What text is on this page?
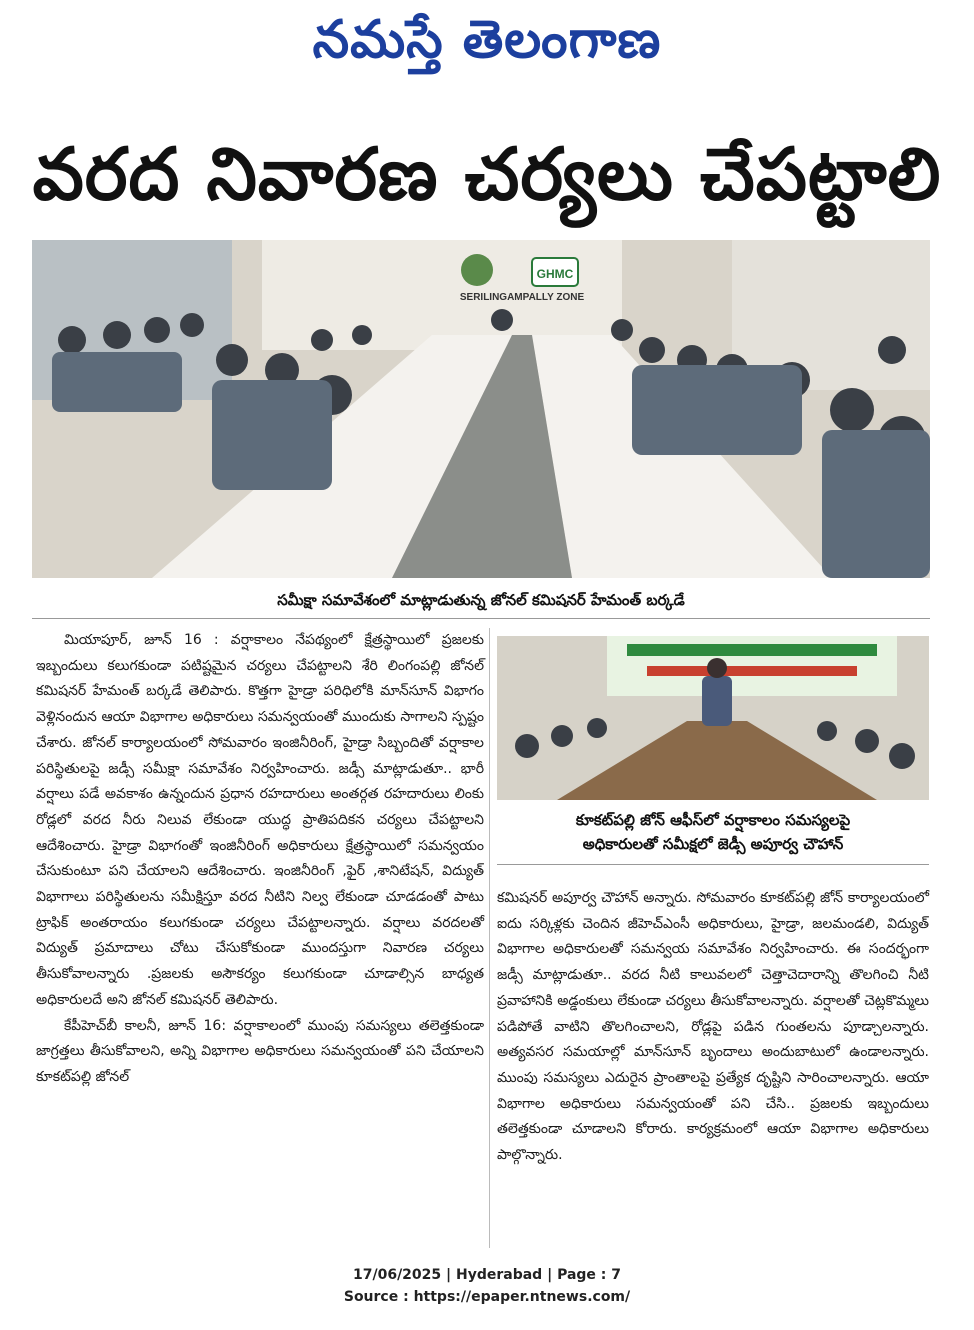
నమస్తే తెలంగాణ
వరద నివారణ చర్యలు చేపట్టాలి
GHMC
SERILINGAMPALLY ZONE
సమీక్షా సమావేశంలో మాట్లాడుతున్న జోనల్ కమిషనర్ హేమంత్ బర్కడే

మియాపూర్, జూన్ 16 : వర్షాకాలం నేపథ్యంలో క్షేత్రస్థాయిలో ప్రజలకు ఇబ్బందులు కలుగకుండా పటిష్టమైన చర్యలు చేపట్టాలని శేరి లింగంపల్లి జోనల్ కమిషనర్ హేమంత్ బర్కడే తెలిపారు. కొత్తగా హైడ్రా పరిధిలోకి మాన్‌సూన్ విభాగం వెళ్లినందున ఆయా విభాగాల అధికారులు సమన్వయంతో ముందుకు సాగాలని స్పష్టం చేశారు. జోనల్ కార్యాలయంలో సోమవారం ఇంజినీరింగ్, హైడ్రా సిబ్బందితో వర్షాకాల పరిస్థితులపై జడ్సీ సమీక్షా సమావేశం నిర్వహించారు. జడ్సీ మాట్లాడుతూ.. భారీ వర్షాలు పడే అవకాశం ఉన్నందున ప్రధాన రహదారులు అంతర్గత రహదారులు లింకు రోడ్లలో వరద నీరు నిలువ లేకుండా యుద్ధ ప్రాతిపదికన చర్యలు చేపట్టాలని ఆదేశించారు. హైడ్రా విభాగంతో ఇంజినీరింగ్ అధికారులు క్షేత్రస్థాయిలో సమన్వయం చేసుకుంటూ పని చేయాలని ఆదేశించారు. ఇంజినీరింగ్ ,ఫైర్ ,శానిటేషన్, విద్యుత్ విభాగాలు పరిస్థితులను సమీక్షిస్తూ వరద నీటిని నిల్వ లేకుండా చూడడంతో పాటు ట్రాఫిక్ అంతరాయం కలుగకుండా చర్యలు చేపట్టాలన్నారు. వర్షాలు వరదలతో విద్యుత్ ప్రమాదాలు చోటు చేసుకోకుండా ముందస్తుగా నివారణ చర్యలు తీసుకోవాలన్నారు .ప్రజలకు అసౌకర్యం కలుగకుండా చూడాల్సిన బాధ్యత అధికారులదే అని జోనల్ కమిషనర్ తెలిపారు.

కేపీహెచ్‌బీ కాలనీ, జూన్ 16: వర్షాకాలంలో ముంపు సమస్యలు తలెత్తకుండా జాగ్రత్తలు తీసుకోవాలని, అన్ని విభాగాల అధికారులు సమన్వయంతో పని చేయాలని కూకట్‌పల్లి జోనల్

కూకట్‌పల్లి జోన్ ఆఫీస్‌లో వర్షాకాలం సమస్యలపై
అధికారులతో సమీక్షలో జెడ్సీ అపూర్వ చౌహాన్

కమిషనర్ అపూర్వ చౌహాన్ అన్నారు. సోమవారం కూకట్‌పల్లి జోన్ కార్యాలయంలో ఐదు సర్కిళ్లకు చెందిన జీహెచ్‌ఎంసీ అధికారులు, హైడ్రా, జలమండలి, విద్యుత్ విభాగాల అధికారులతో సమన్వయ సమావేశం నిర్వహించారు. ఈ సందర్భంగా జడ్సీ మాట్లాడుతూ.. వరద నీటి కాలువలలో చెత్తాచెదారాన్ని తొలగించి నీటి ప్రవాహానికి అడ్డంకులు లేకుండా చర్యలు తీసుకోవాలన్నారు. వర్షాలతో చెట్లకొమ్మలు పడిపోతే వాటిని తొలగించాలని, రోడ్లపై పడిన గుంతలను పూడ్చాలన్నారు. అత్యవసర సమయాల్లో మాన్‌సూన్ బృందాలు అందుబాటులో ఉండాలన్నారు. ముంపు సమస్యలు ఎదురైన ప్రాంతాలపై ప్రత్యేక దృష్టిని సారించాలన్నారు. ఆయా విభాగాల అధికారులు సమన్వయంతో పని చేసి.. ప్రజలకు ఇబ్బందులు తలెత్తకుండా చూడాలని కోరారు. కార్యక్రమంలో ఆయా విభాగాల అధికారులు పాల్గొన్నారు.

17/06/2025 | Hyderabad | Page : 7
Source : https://epaper.ntnews.com/
